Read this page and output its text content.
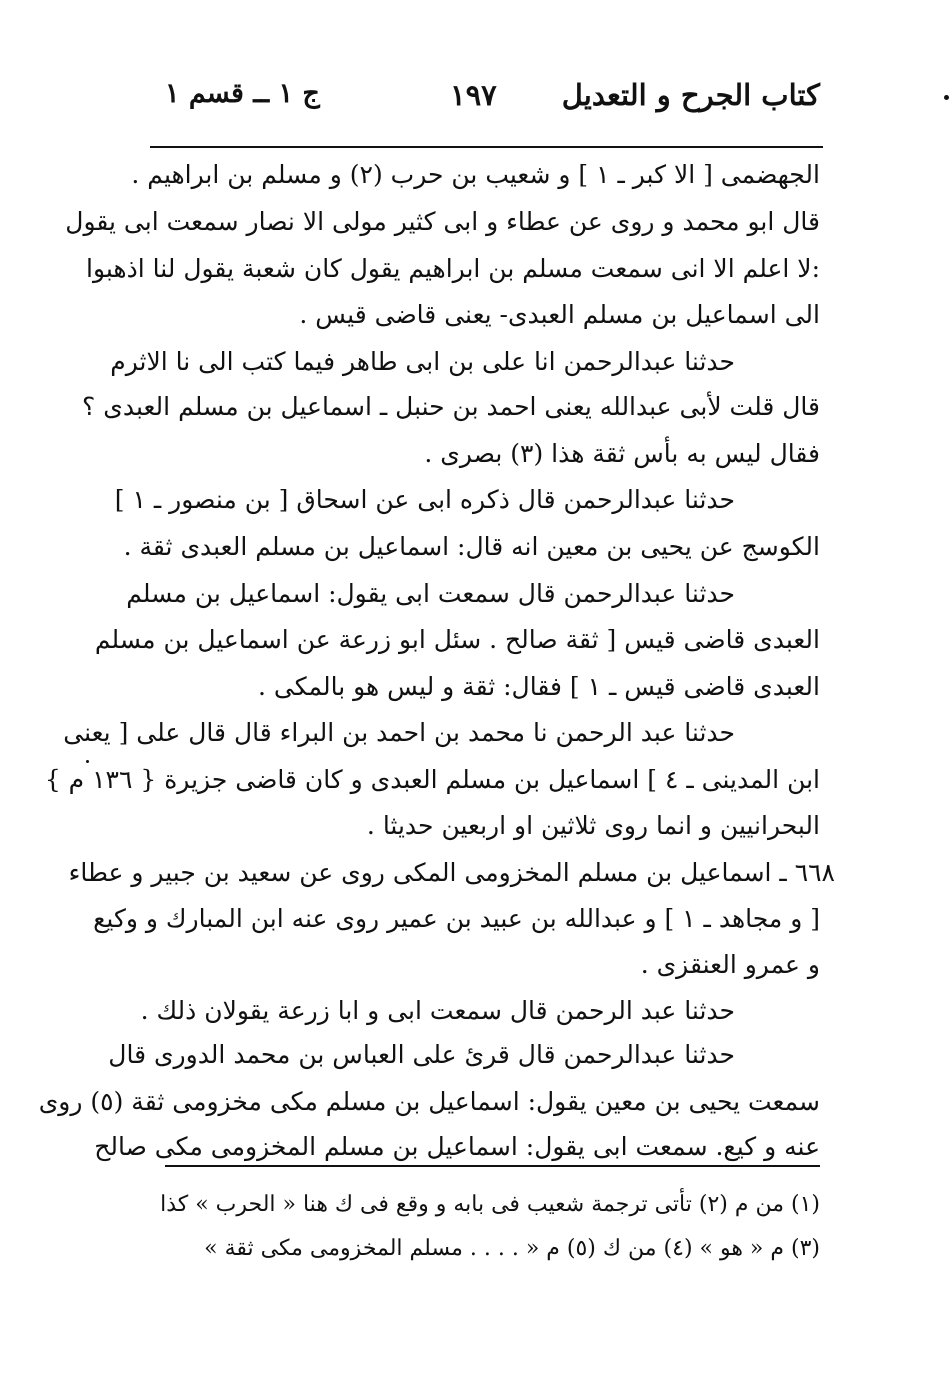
كتاب الجرح و التعديل
١٩٧
ج ١ ــ قسم ١
الجهضمی [ الا كبر ـ ١ ] و شعيب بن حرب (٢) و مسلم بن ابراهيم .
قال ابو محمد و روى عن عطاء و ابى كثير مولى الا نصار سمعت ابى يقول
:لا اعلم الا انى سمعت مسلم بن ابراهيم يقول كان شعبة يقول لنا اذهبوا
الى اسماعيل بن مسلم العبدی- يعنی قاضی قيس .
حدثنا عبدالرحمن انا علی بن ابی طاهر فيما كتب الی نا الاثرم
قال قلت لأبی عبدالله يعنی احمد بن حنبل ـ اسماعيل بن مسلم العبدی ؟
فقال ليس به بأس ثقة هذا (٣) بصری .
حدثنا عبدالرحمن قال ذكره ابی عن اسحاق [ بن منصور ـ ١ ]
الكوسج عن يحيى بن معين انه قال: اسماعيل بن مسلم العبدی ثقة .
حدثنا عبدالرحمن قال سمعت ابی يقول: اسماعيل بن مسلم
العبدی قاضی قيس [ ثقة صالح . سئل ابو زرعة عن اسماعيل بن مسلم
العبدی قاضی قيس ـ ١ ] فقال: ثقة و ليس هو بالمكی .
حدثنا عبد الرحمن نا محمد بن احمد بن البراء قال قال علی [ يعنی
ابن المدينی ـ ٤ ] اسماعيل بن مسلم العبدی و كان قاضی جزيرة { ١٣٦ م }
البحرانيين و انما روى ثلاثين او اربعين حديثا .
٦٦٨ ـ اسماعيل بن مسلم المخزومی المكی روى عن سعيد بن جبير و عطاء
[ و مجاهد ـ ١ ] و عبدالله بن عبيد بن عمير روى عنه ابن المبارك و وكيع
و عمرو العنقزی .
حدثنا عبد الرحمن قال سمعت ابی و ابا زرعة يقولان ذلك .
حدثنا عبدالرحمن قال قرئ علی العباس بن محمد الدوری قال
سمعت يحيى بن معين يقول: اسماعيل بن مسلم مكی مخزومی ثقة (٥) روى
عنه و كيع. سمعت ابی يقول: اسماعيل بن مسلم المخزومی مكی صالح
(١) من م (٢) تأتی ترجمة شعيب فی بابه و وقع فی ك هنا « الحرب » كذا
(٣) م « هو » (٤) من ك (٥) م « . . . . مسلم المخزومی مكی ثقة »
